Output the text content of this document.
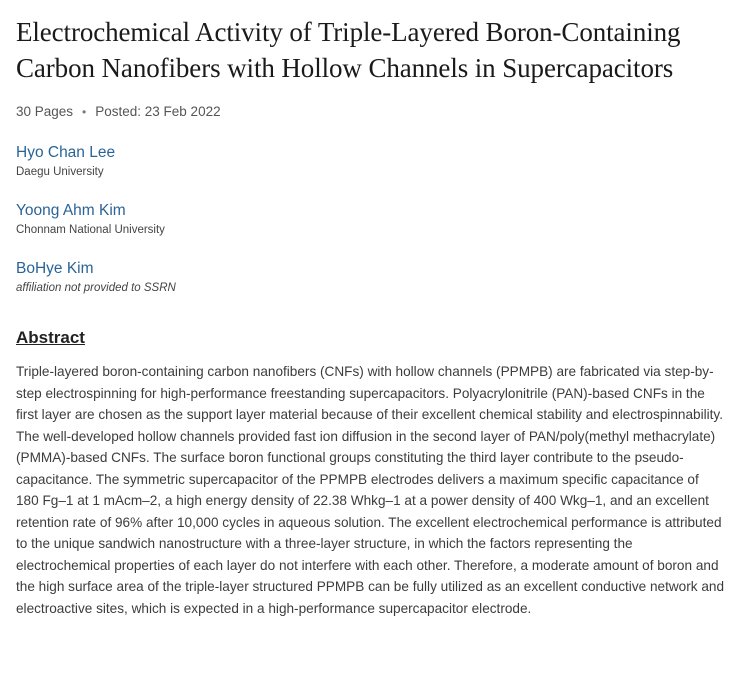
Electrochemical Activity of Triple-Layered Boron-Containing Carbon Nanofibers with Hollow Channels in Supercapacitors
30 Pages • Posted: 23 Feb 2022
Hyo Chan Lee
Daegu University
Yoong Ahm Kim
Chonnam National University
BoHye Kim
affiliation not provided to SSRN
Abstract
Triple-layered boron-containing carbon nanofibers (CNFs) with hollow channels (PPMPB) are fabricated via step-by-step electrospinning for high-performance freestanding supercapacitors. Polyacrylonitrile (PAN)-based CNFs in the first layer are chosen as the support layer material because of their excellent chemical stability and electrospinnability. The well-developed hollow channels provided fast ion diffusion in the second layer of PAN/poly(methyl methacrylate) (PMMA)-based CNFs. The surface boron functional groups constituting the third layer contribute to the pseudo-capacitance. The symmetric supercapacitor of the PPMPB electrodes delivers a maximum specific capacitance of 180 Fg–1 at 1 mAcm–2, a high energy density of 22.38 Whkg–1 at a power density of 400 Wkg–1, and an excellent retention rate of 96% after 10,000 cycles in aqueous solution. The excellent electrochemical performance is attributed to the unique sandwich nanostructure with a three-layer structure, in which the factors representing the electrochemical properties of each layer do not interfere with each other. Therefore, a moderate amount of boron and the high surface area of the triple-layer structured PPMPB can be fully utilized as an excellent conductive network and electroactive sites, which is expected in a high-performance supercapacitor electrode.
